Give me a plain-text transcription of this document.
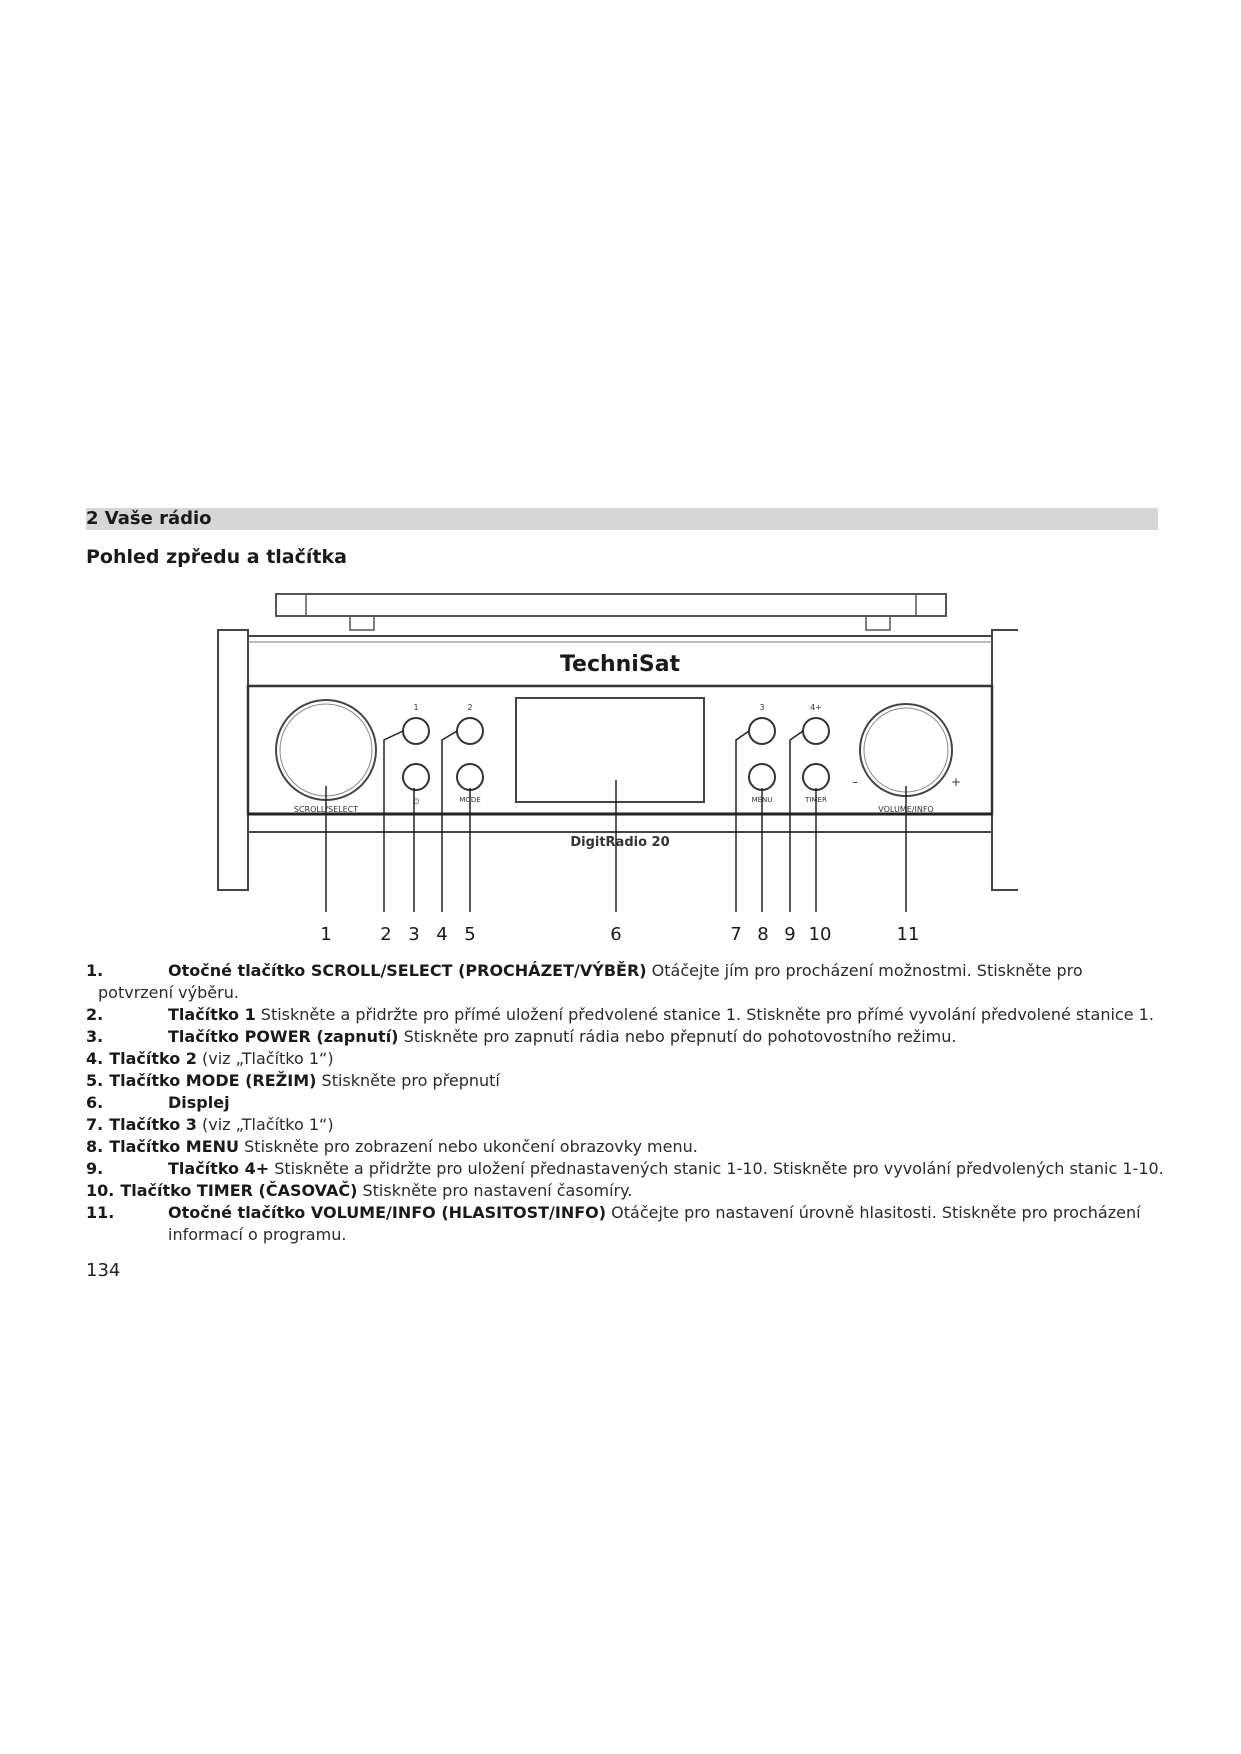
2 Vaše rádio
Pohled zpředu a tlačítka
TechniSat
DigitRadio 20
SCROLL/SELECT
1	2
⏻	MODE
3	4+
MENU	TIMER
–	+
VOLUME/INFO
1	2 3 4 5	6	7 8 9 10	11
1.	Otočné tlačítko SCROLL/SELECT (PROCHÁZET/VÝBĚR) Otáčejte jím pro procházení možnostmi. Stiskněte pro
potvrzení výběru.
2.	Tlačítko 1 Stiskněte a přidržte pro přímé uložení předvolené stanice 1. Stiskněte pro přímé vyvolání předvolené stanice 1.
3.	Tlačítko POWER (zapnutí) Stiskněte pro zapnutí rádia nebo přepnutí do pohotovostního režimu.
4. Tlačítko 2 (viz „Tlačítko 1“)
5. Tlačítko MODE (REŽIM) Stiskněte pro přepnutí
6.	Displej
7. Tlačítko 3 (viz „Tlačítko 1“)
8. Tlačítko MENU Stiskněte pro zobrazení nebo ukončení obrazovky menu.
9.	Tlačítko 4+ Stiskněte a přidržte pro uložení přednastavených stanic 1-10. Stiskněte pro vyvolání předvolených stanic 1-10.
10. Tlačítko TIMER (ČASOVAČ) Stiskněte pro nastavení časomíry.
11.	Otočné tlačítko VOLUME/INFO (HLASITOST/INFO) Otáčejte pro nastavení úrovně hlasitosti. Stiskněte pro procházení informací o programu.
134
